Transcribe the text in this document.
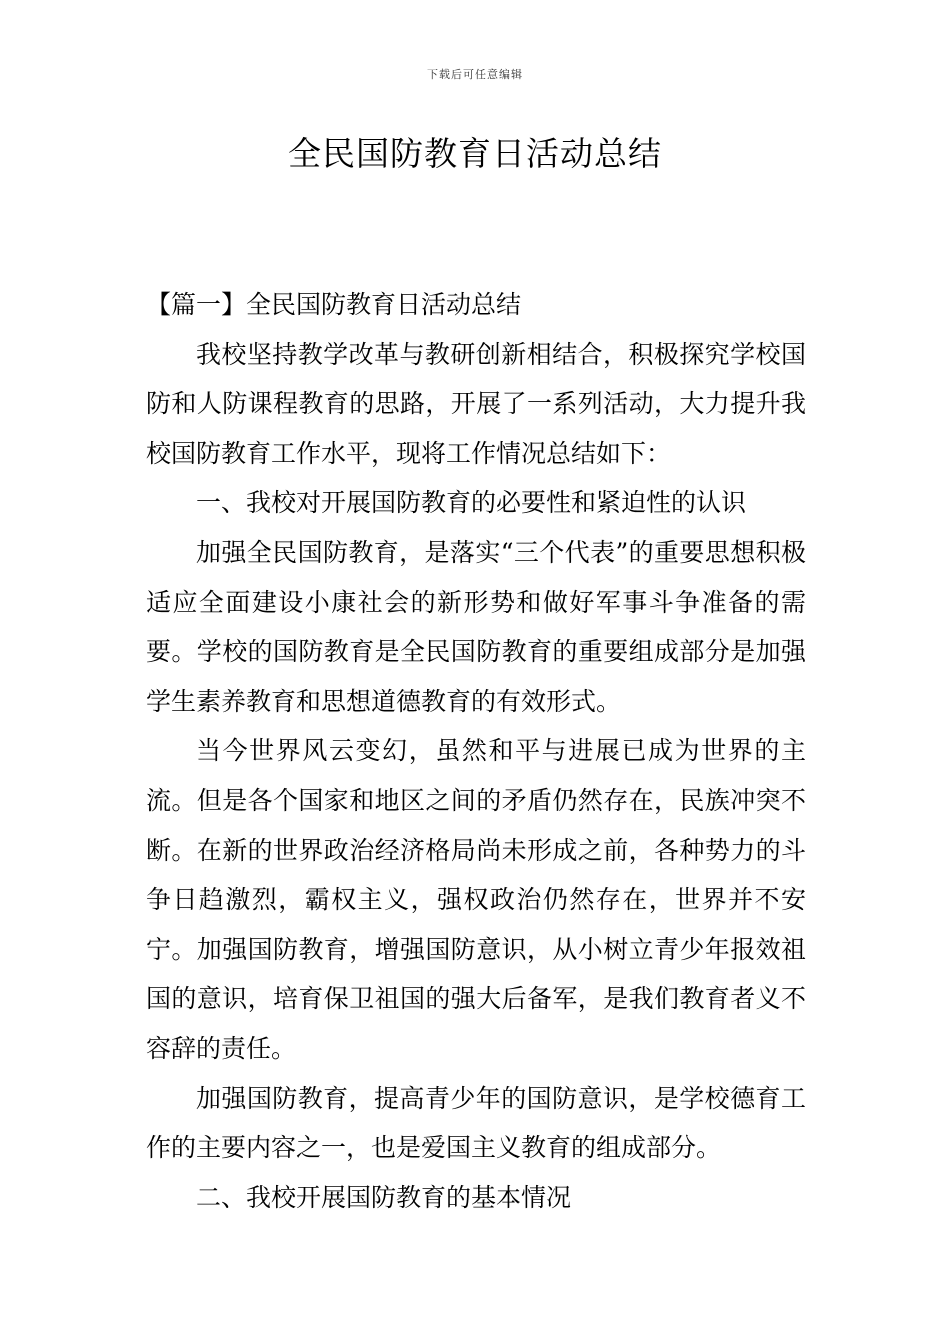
下载后可任意编辑
全民国防教育日活动总结

【篇一】全民国防教育日活动总结

我校坚持教学改革与教研创新相结合，积极探究学校国防和人防课程教育的思路，开展了一系列活动，大力提升我校国防教育工作水平，现将工作情况总结如下：

一、我校对开展国防教育的必要性和紧迫性的认识

加强全民国防教育，是落实“三个代表”的重要思想积极适应全面建设小康社会的新形势和做好军事斗争准备的需要。学校的国防教育是全民国防教育的重要组成部分是加强学生素养教育和思想道德教育的有效形式。

当今世界风云变幻，虽然和平与进展已成为世界的主流。但是各个国家和地区之间的矛盾仍然存在，民族冲突不断。在新的世界政治经济格局尚未形成之前，各种势力的斗争日趋激烈，霸权主义，强权政治仍然存在，世界并不安宁。加强国防教育，增强国防意识，从小树立青少年报效祖国的意识，培育保卫祖国的强大后备军，是我们教育者义不容辞的责任。

加强国防教育，提高青少年的国防意识，是学校德育工作的主要内容之一，也是爱国主义教育的组成部分。

二、我校开展国防教育的基本情况
